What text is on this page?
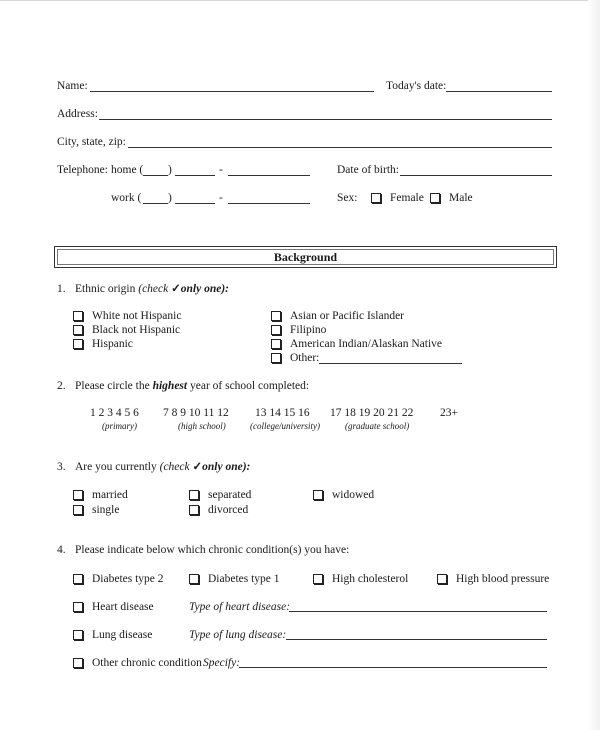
Name:	Today's date:
Address:
City, state, zip:
Telephone: home ( )	-	Date of birth:
work ( )	-	Sex:	Female Male
Background
1. Ethnic origin (check ✓only one):
White not Hispanic
Black not Hispanic
Hispanic
Asian or Pacific Islander
Filipino
American Indian/Alaskan Native
Other:
2. Please circle the highest year of school completed:
1 2 3 4 5 6 7 8 9 10 11 12 13 14 15 16 17 18 19 20 21 22 23+
(primary)	(high school)	(college/university)	(graduate school)
3. Are you currently (check ✓only one):
married
single
separated
divorced
widowed
4. Please indicate below which chronic condition(s) you have:
Diabetes type 2	Diabetes type 1	High cholesterol	High blood pressure
Heart disease	Type of heart disease:
Lung disease	Type of lung disease:
Other chronic condition Specify:
